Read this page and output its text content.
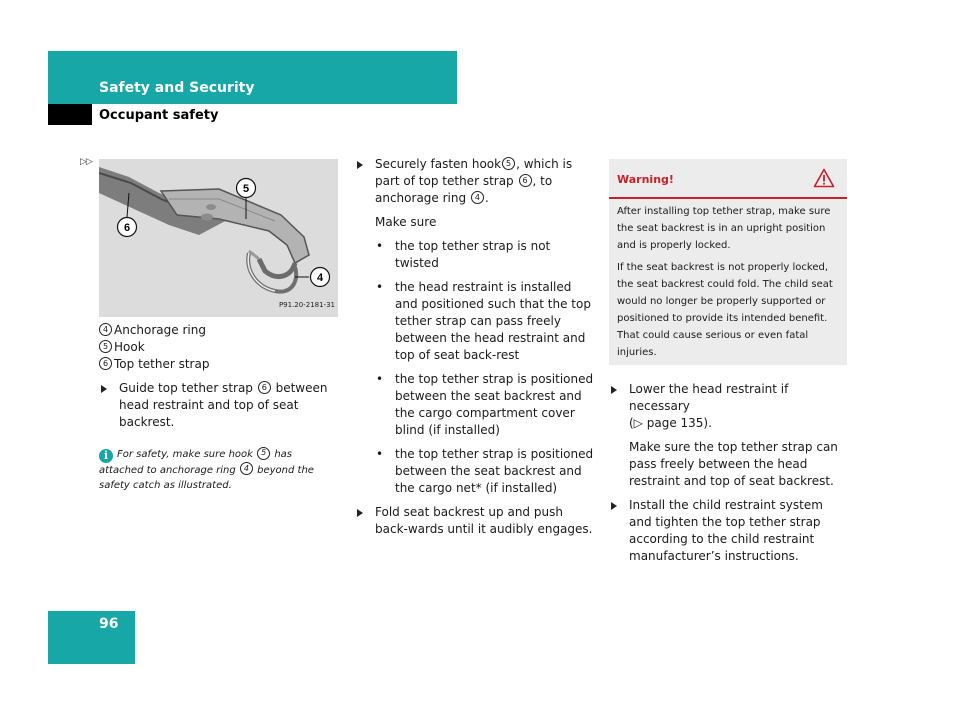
Safety and Security
Occupant safety
▷▷
5
6
4
P91.20-2181-31
4 Anchorage ring
5 Hook
6 Top tether strap
Guide top tether strap 6 between head restraint and top of seat backrest.
i For safety, make sure hook 5 has attached to anchorage ring 4 beyond the safety catch as illustrated.
Securely fasten hook 5 , which is part of top tether strap 6 , to anchorage ring 4 .
Make sure
• the top tether strap is not twisted
• the head restraint is installed and positioned such that the top tether strap can pass freely between the head restraint and top of seat back-rest
• the top tether strap is positioned between the seat backrest and the cargo compartment cover blind (if installed)
• the top tether strap is positioned between the seat backrest and the cargo net* (if installed)
Fold seat backrest up and push back-wards until it audibly engages.
Warning!

After installing top tether strap, make sure the seat backrest is in an upright position and is properly locked.

If the seat backrest is not properly locked, the seat backrest could fold. The child seat would no longer be properly supported or positioned to provide its intended benefit. That could cause serious or even fatal injuries.

Lower the head restraint if necessary
(▷ page 135).
Make sure the top tether strap can pass freely between the head restraint and top of seat backrest.
Install the child restraint system and tighten the top tether strap according to the child restraint manufacturer’s instructions.
96
